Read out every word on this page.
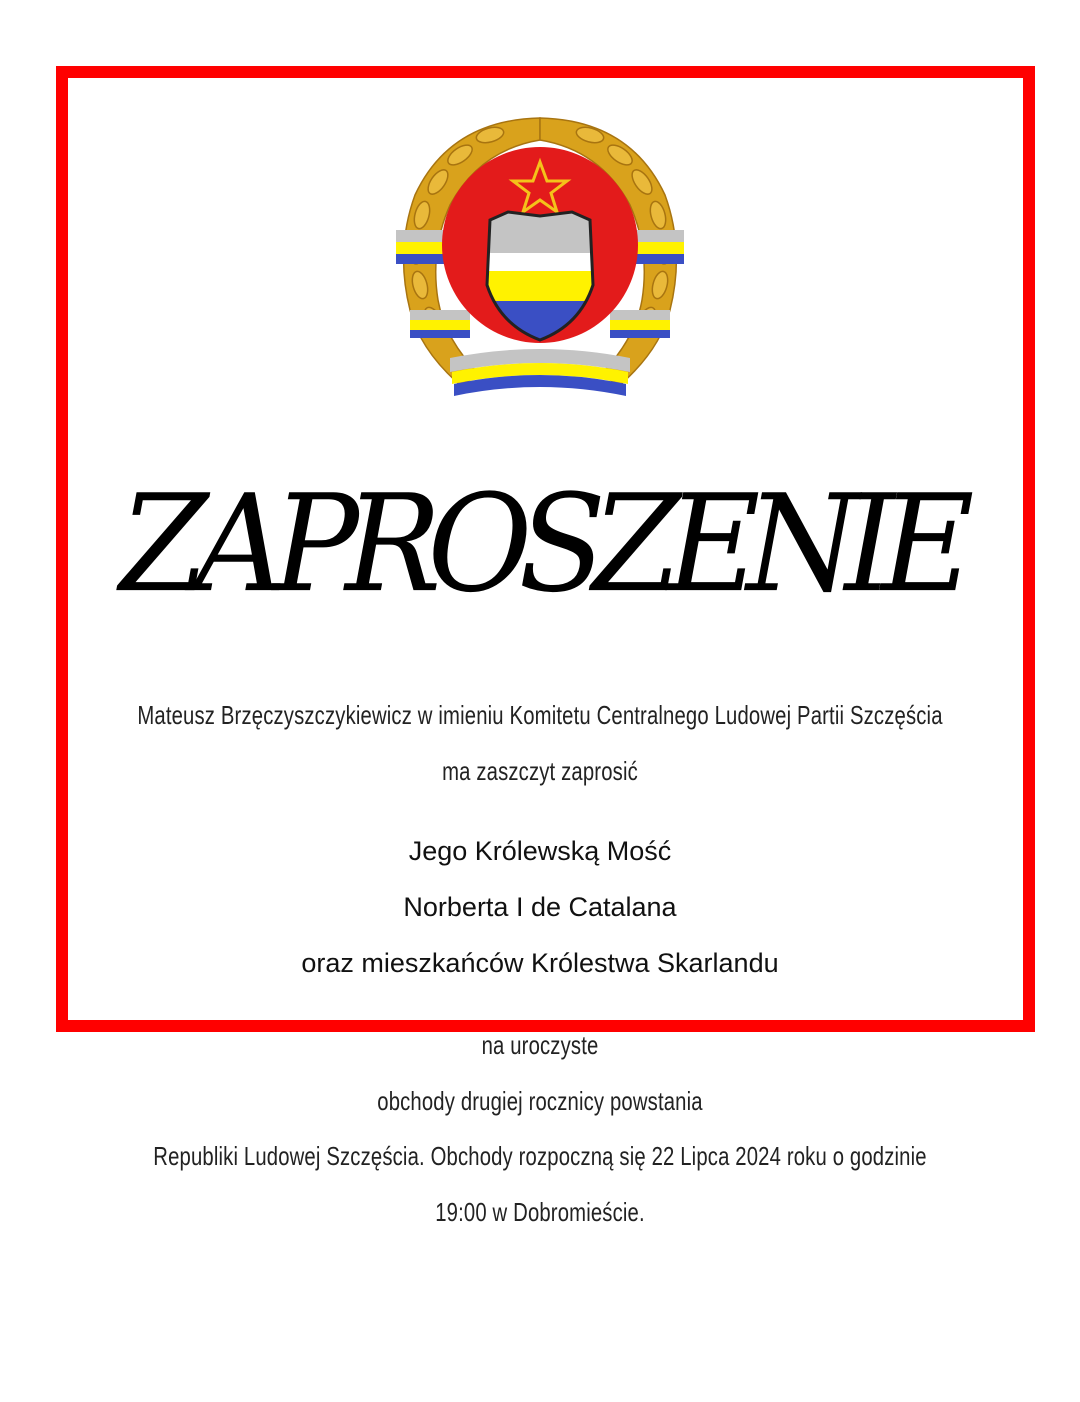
ZAPROSZENIE
Mateusz Brzęczyszczykiewicz w imieniu Komitetu Centralnego Ludowej Partii Szczęścia
ma zaszczyt zaprosić
Jego Królewską Mość
Norberta I de Catalana
oraz mieszkańców Królestwa Skarlandu
na uroczyste
obchody drugiej rocznicy powstania
Republiki Ludowej Szczęścia. Obchody rozpoczną się 22 Lipca 2024 roku o godzinie
19:00 w Dobromieście.
